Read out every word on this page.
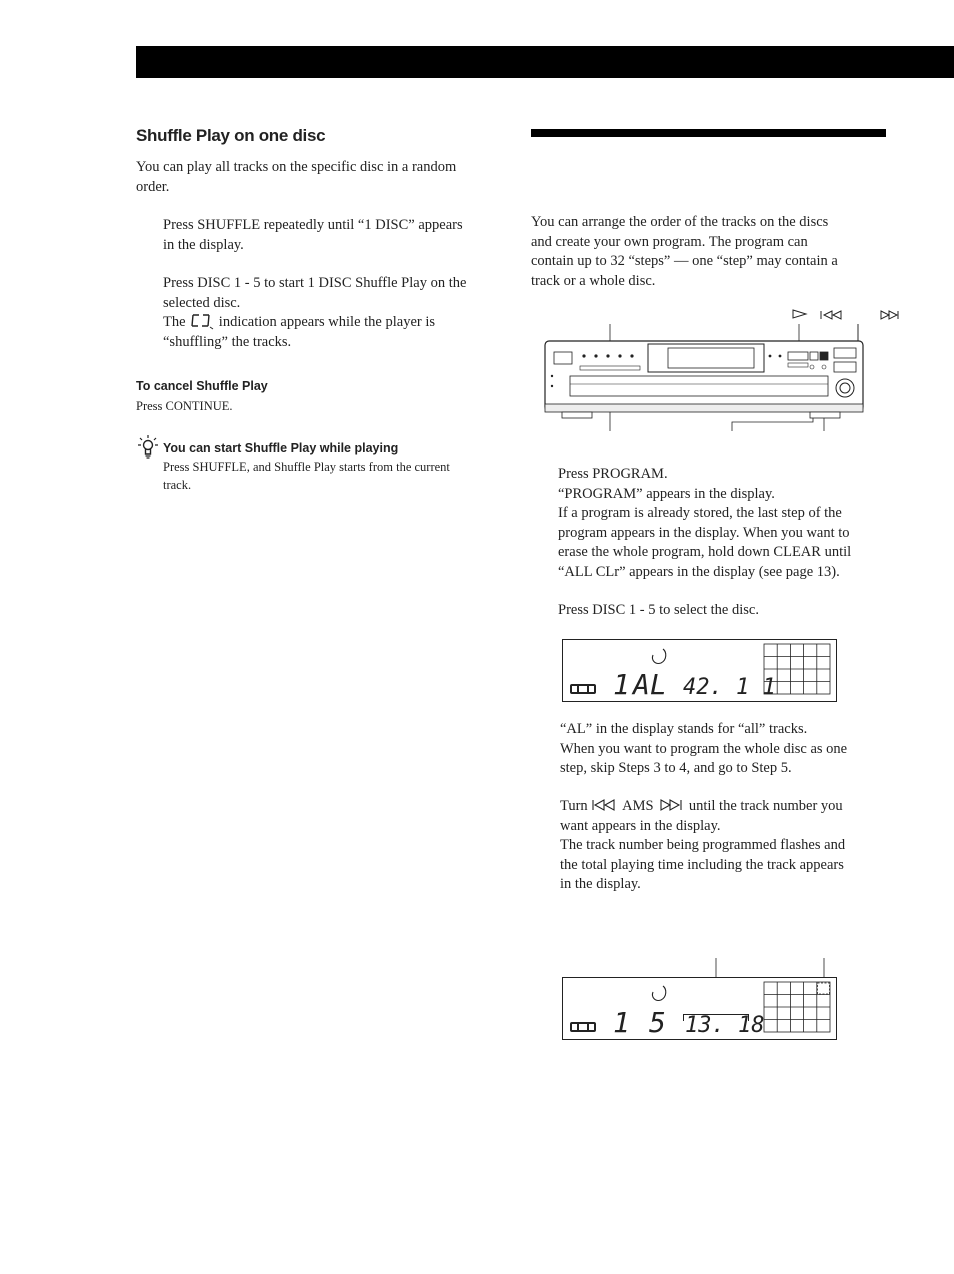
Shuffle Play on one disc
You can play all tracks on the specific disc in a random
order.
Press SHUFFLE repeatedly until “1 DISC” appears
in the display.
Press DISC 1 - 5 to start 1 DISC Shuffle Play on the
selected disc.
The indication appears while the player is
“shuffling” the tracks.
To cancel Shuffle Play
Press CONTINUE.
You can start Shuffle Play while playing
Press SHUFFLE, and Shuffle Play starts from the current
track.
You can arrange the order of the tracks on the discs
and create your own program. The program can
contain up to 32 “steps” — one “step” may contain a
track or a whole disc.
Press PROGRAM.
“PROGRAM” appears in the display.
If a program is already stored, the last step of the
program appears in the display. When you want to
erase the whole program, hold down CLEAR until
“ALL CLr” appears in the display (see page 13).
Press DISC 1 - 5 to select the disc.
1 AL 42. 1 1
“AL” in the display stands for “all” tracks.
When you want to program the whole disc as one
step, skip Steps 3 to 4, and go to Step 5.
Turn AMS until the track number you
want appears in the display.
The track number being programmed flashes and
the total playing time including the track appears
in the display.
1 5 13. 18
